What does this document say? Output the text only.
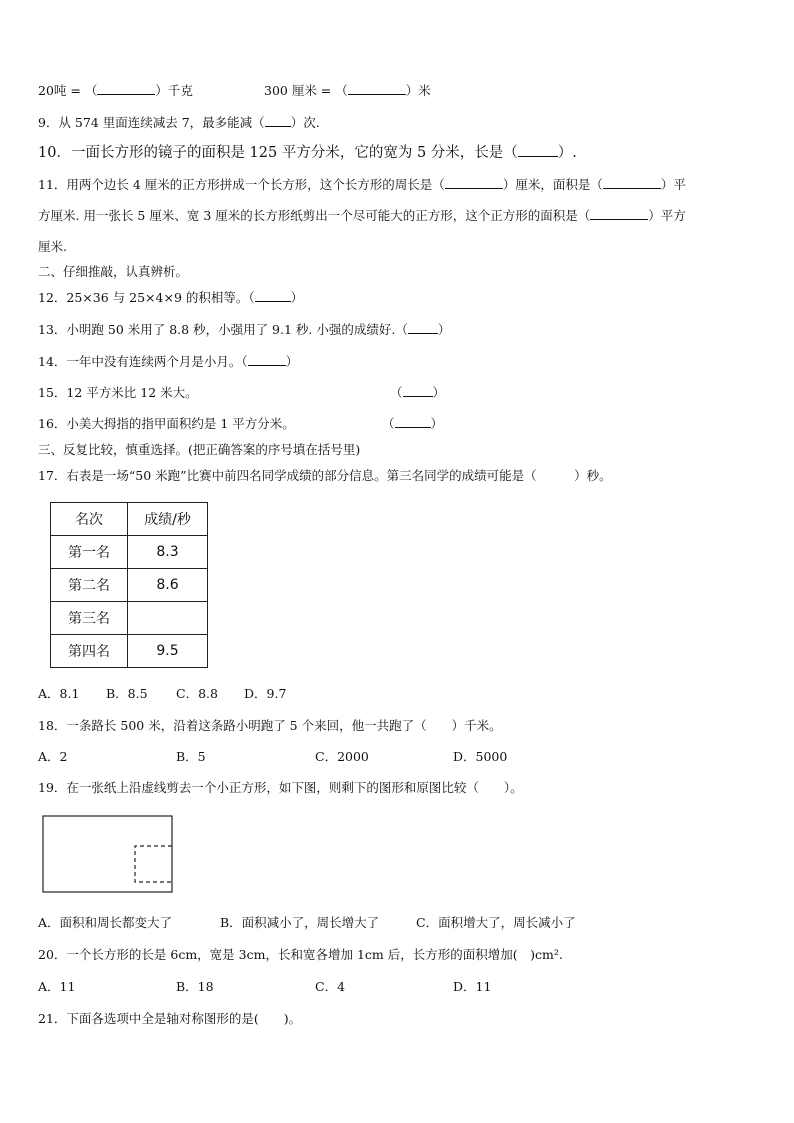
20吨 = （	）千克	300 厘米 = （	）米
9．从 574 里面连续减去 7，最多能减（ ）次.
10．一面长方形的镜子的面积是 125 平方分米，它的宽为 5 分米，长是（	）.
11．用两个边长 4 厘米的正方形拼成一个长方形，这个长方形的周长是（	）厘米，面积是（	）平
方厘米. 用一张长 5 厘米、宽 3 厘米的长方形纸剪出一个尽可能大的正方形，这个正方形的面积是（	）平方
厘米.
二、仔细推敲，认真辨析。
12．25×36 与 25×4×9 的积相等。（	）
13．小明跑 50 米用了 8.8 秒，小强用了 9.1 秒. 小强的成绩好.（ ）
14．一年中没有连续两个月是小月。（	）
15．12 平方米比 12 米大。	（ ）
16．小美大拇指的指甲面积约是 1 平方分米。	（	）
三、反复比较，慎重选择。(把正确答案的序号填在括号里)
17．右表是一场“50 米跑”比赛中前四名同学成绩的部分信息。第三名同学的成绩可能是（　　　）秒。
名次	成绩/秒
第一名	8.3
第二名	8.6
第三名	
第四名	9.5
A．8.1 B．8.5 C．8.8 D．9.7
18．一条路长 500 米，沿着这条路小明跑了 5 个来回，他一共跑了（　　）千米。
A．2	B．5	C．2000	D．5000
19．在一张纸上沿虚线剪去一个小正方形，如下图，则剩下的图形和原图比较（　　）。
A．面积和周长都变大了	B．面积减小了，周长增大了	C．面积增大了，周长减小了
20．一个长方形的长是 6cm，宽是 3cm，长和宽各增加 1cm 后，长方形的面积增加(　)cm².
A．11	B．18	C．4	D．11
21．下面各选项中全是轴对称图形的是(　　)。
